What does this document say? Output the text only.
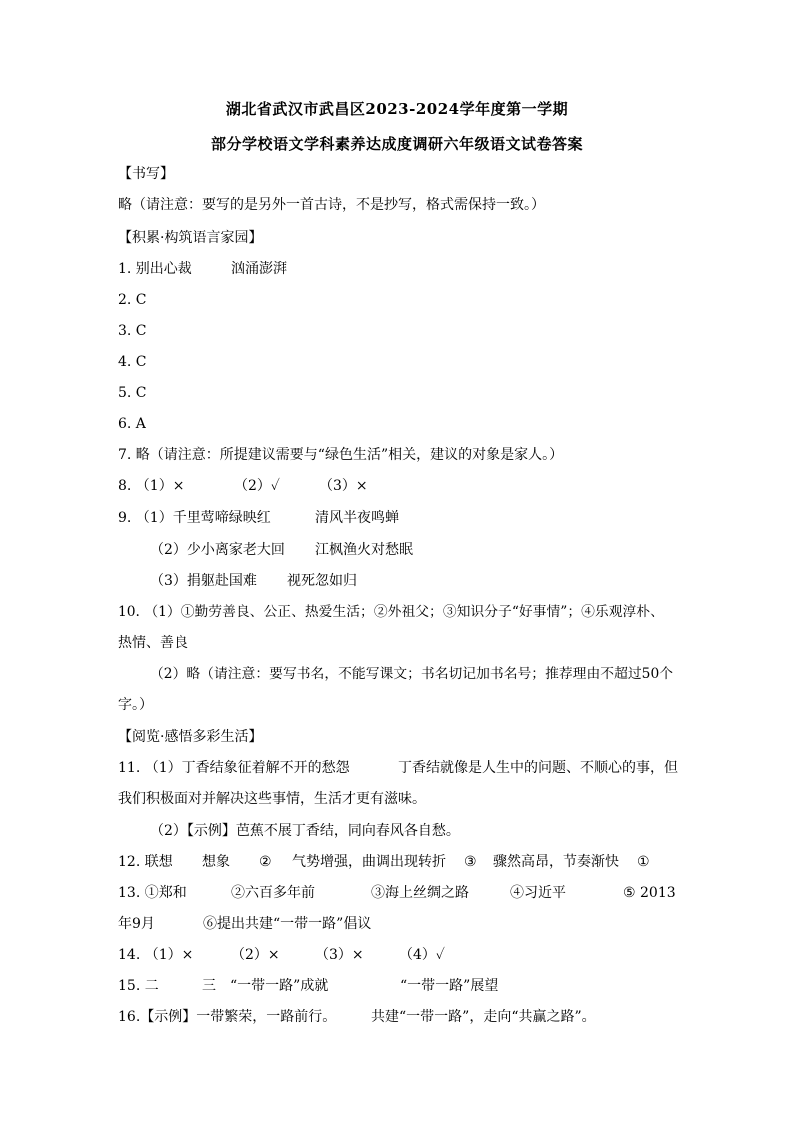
湖北省武汉市武昌区2023-2024学年度第一学期
部分学校语文学科素养达成度调研六年级语文试卷答案
【书写】
略（请注意：要写的是另外一首古诗，不是抄写，格式需保持一致。）
【积累·构筑语言家园】
1. 别出心裁	汹涌澎湃
2. C
3. C
4. C
5. C
6. A
7. 略（请注意：所提建议需要与“绿色生活”相关，建议的对象是家人。）
8. （1）×	（2）✓	（3）×
9. （1）千里莺啼绿映红	清风半夜鸣蝉
（2）少小离家老大回 江枫渔火对愁眠
（3）捐躯赴国难 视死忽如归
10. （1）①勤劳善良、公正、热爱生活；②外祖父；③知识分子“好事情”；④乐观淳朴、
热情、善良
（2）略（请注意：要写书名，不能写课文；书名切记加书名号；推荐理由不超过50个
字。）
【阅览·感悟多彩生活】
11. （1）丁香结象征着解不开的愁怨	丁香结就像是人生中的问题、不顺心的事，但
我们积极面对并解决这些事情，生活才更有滋味。
（2）【示例】芭蕉不展丁香结，同向春风各自愁。
12. 联想 想象 ② 气势增强，曲调出现转折 ③ 骤然高昂，节奏渐快 ①
13. ①郑和	②六百多年前	③海上丝绸之路	④习近平	⑤ 2013
年9月	⑥提出共建“一带一路”倡议
14. （1）×	（2）×	（3）×	（4）✓
15. 二	三 “一带一路”成就	“一带一路”展望
16.【示例】一带繁荣，一路前行。 共建“一带一路”，走向“共赢之路”。
